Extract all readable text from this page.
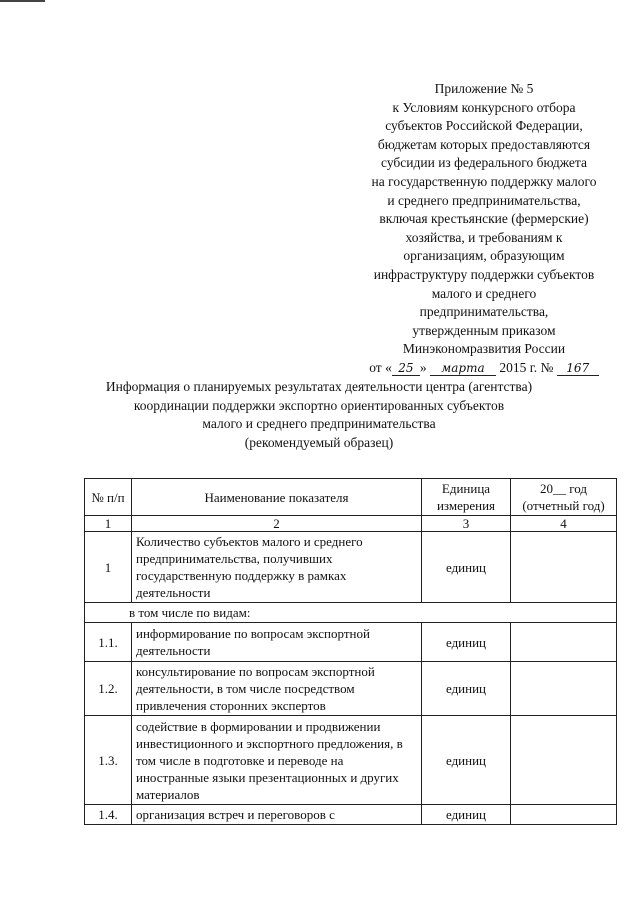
Приложение № 5
к Условиям конкурсного отбора
субъектов Российской Федерации,
бюджетам которых предоставляются
субсидии из федерального бюджета
на государственную поддержку малого
и среднего предпринимательства,
включая крестьянские (фермерские)
хозяйства, и требованиям к
организациям, образующим
инфраструктуру поддержки субъектов
малого и среднего
предпринимательства,
утвержденным приказом
Минэкономразвития России
от « 25 » марта 2015 г. № 167
Информация о планируемых результатах деятельности центра (агентства)
координации поддержки экспортно ориентированных субъектов
малого и среднего предпринимательства
(рекомендуемый образец)
№ п/п	Наименование показателя	Единица измерения	20__ год (отчетный год)
1	2	3	4
1	Количество субъектов малого и среднего предпринимательства, получивших государственную поддержку в рамках деятельности	единиц	
в том числе по видам:			
1.1.	информирование по вопросам экспортной деятельности	единиц	
1.2.	консультирование по вопросам экспортной деятельности, в том числе посредством привлечения сторонних экспертов	единиц	
1.3.	содействие в формировании и продвижении инвестиционного и экспортного предложения, в том числе в подготовке и переводе на иностранные языки презентационных и других материалов	единиц	
1.4.	организация встреч и переговоров с	единиц	
